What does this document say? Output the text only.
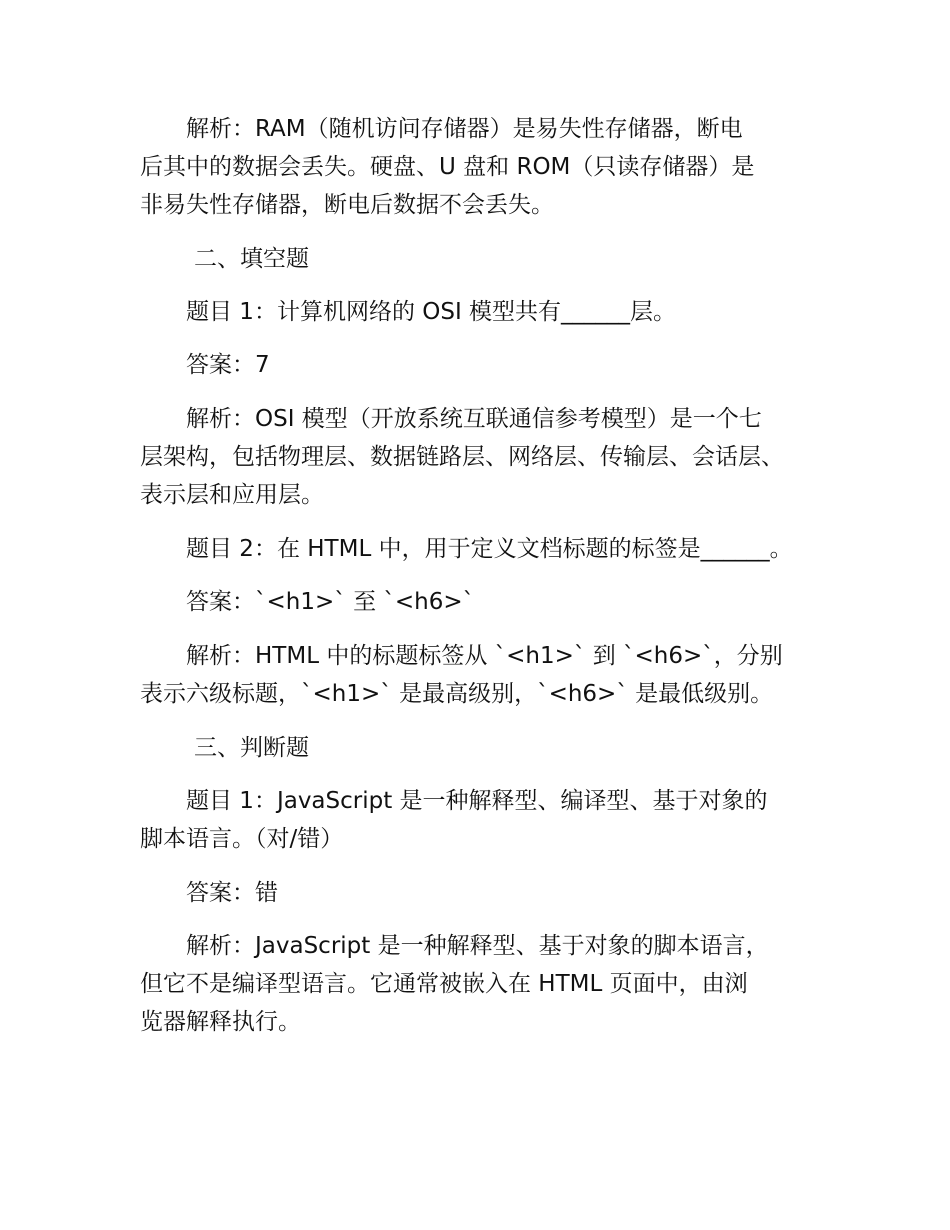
解析：RAM（随机访问存储器）是易失性存储器，断电
后其中的数据会丢失。硬盘、U 盘和 ROM（只读存储器）是
非易失性存储器，断电后数据不会丢失。
二、填空题
题目 1：计算机网络的 OSI 模型共有______层。
答案：7
解析：OSI 模型（开放系统互联通信参考模型）是一个七
层架构，包括物理层、数据链路层、网络层、传输层、会话层、
表示层和应用层。
题目 2：在 HTML 中，用于定义文档标题的标签是______。
答案：`<h1>` 至 `<h6>`
解析：HTML 中的标题标签从 `<h1>` 到 `<h6>`，分别
表示六级标题，`<h1>` 是最高级别，`<h6>` 是最低级别。
三、判断题
题目 1：JavaScript 是一种解释型、编译型、基于对象的
脚本语言。（对/错）
答案：错
解析：JavaScript 是一种解释型、基于对象的脚本语言，
但它不是编译型语言。它通常被嵌入在 HTML 页面中，由浏
览器解释执行。
